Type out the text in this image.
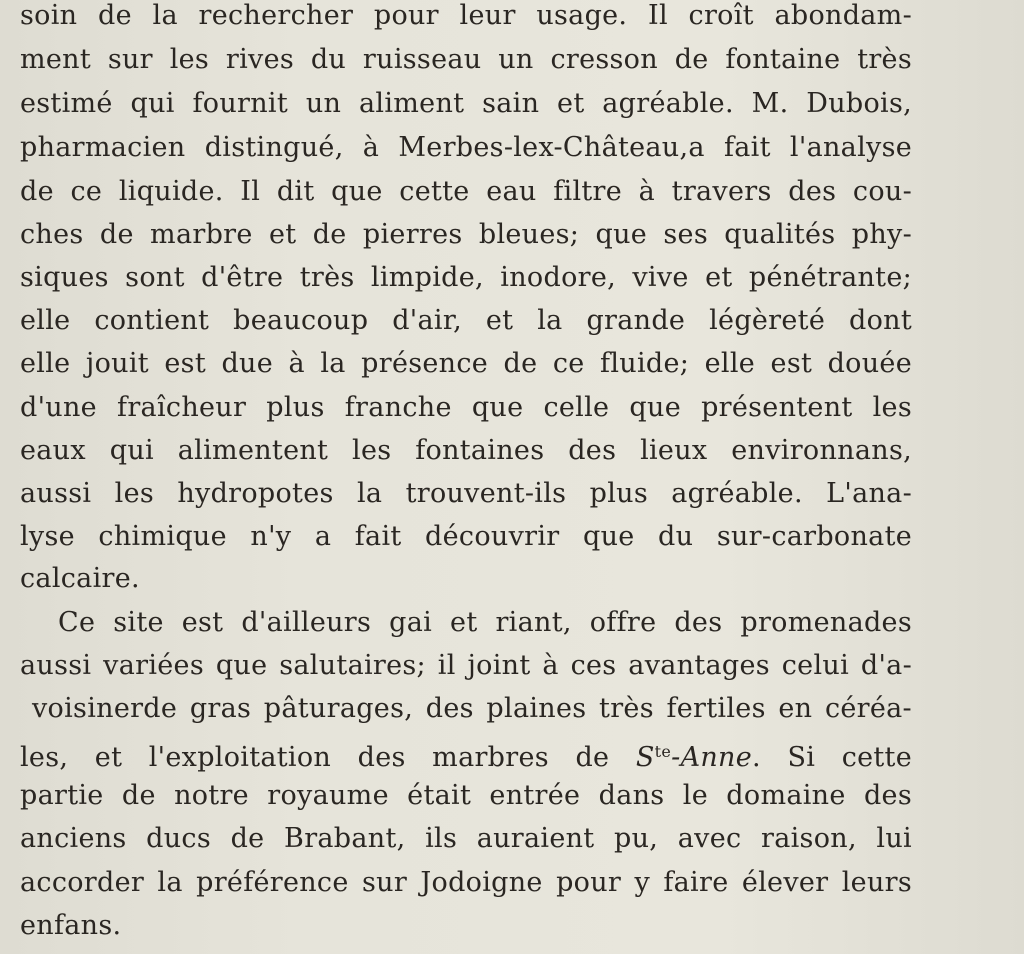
soin de la rechercher pour leur usage. Il croît abondam-
ment sur les rives du ruisseau un cresson de fontaine très
estimé qui fournit un aliment sain et agréable. M. Dubois,
pharmacien distingué, à Merbes-lex-Château,a fait l'analyse
de ce liquide. Il dit que cette eau filtre à travers des cou-
ches de marbre et de pierres bleues; que ses qualités phy-
siques sont d'être très limpide, inodore, vive et pénétrante;
elle contient beaucoup d'air, et la grande légèreté dont
elle jouit est due à la présence de ce fluide; elle est douée
d'une fraîcheur plus franche que celle que présentent les
eaux qui alimentent les fontaines des lieux environnans,
aussi les hydropotes la trouvent-ils plus agréable. L'ana-
lyse chimique n'y a fait découvrir que du sur-carbonate
calcaire.
Ce site est d'ailleurs gai et riant, offre des promenades
aussi variées que salutaires; il joint à ces avantages celui d'a-
voisinerde gras pâturages, des plaines très fertiles en céréa-
les, et l'exploitation des marbres de $S^{te}$-Anne. Si cette
partie de notre royaume était entrée dans le domaine des
anciens ducs de Brabant, ils auraient pu, avec raison, lui
accorder la préférence sur Jodoigne pour y faire élever leurs
enfans.
